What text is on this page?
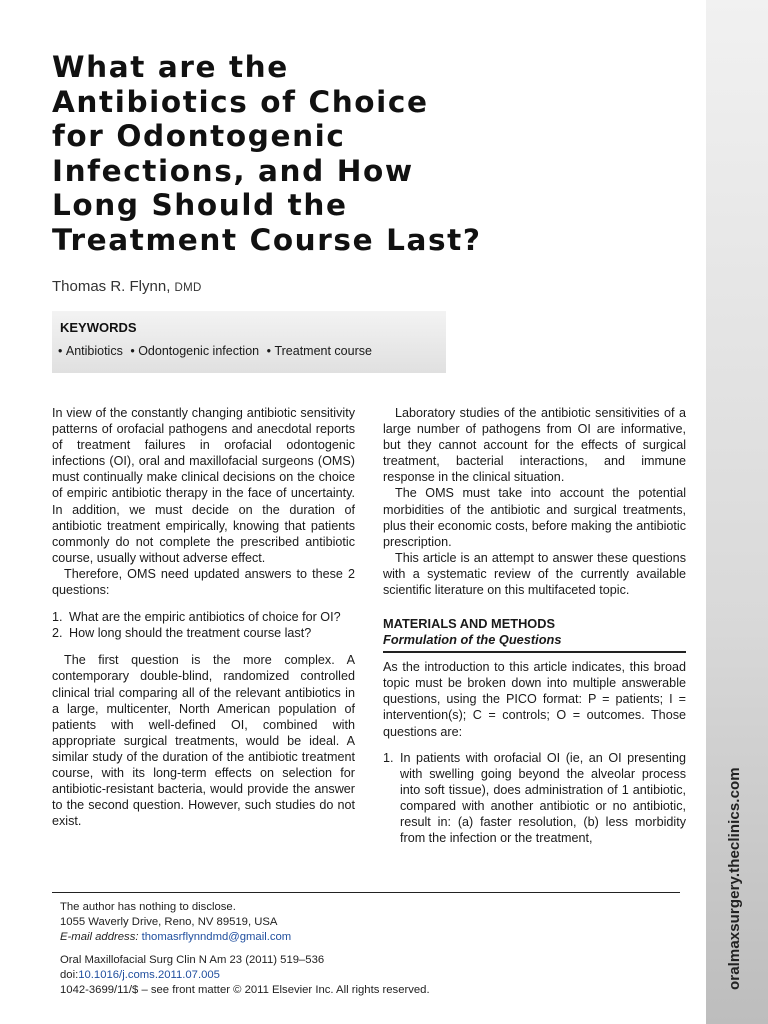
oralmaxsurgery.theclinics.com
What are the
Antibiotics of Choice
for Odontogenic
Infections, and How
Long Should the
Treatment Course Last?
Thomas R. Flynn, DMD

KEYWORDS

• Antibiotics • Odontogenic infection • Treatment course

In view of the constantly changing antibiotic sensitivity patterns of orofacial pathogens and anecdotal reports of treatment failures in orofacial odontogenic infections (OI), oral and maxillofacial surgeons (OMS) must continually make clinical decisions on the choice of empiric antibiotic therapy in the face of uncertainty. In addition, we must decide on the duration of antibiotic treatment empirically, knowing that patients commonly do not complete the prescribed antibiotic course, usually without adverse effect.

Therefore, OMS need updated answers to these 2 questions:

1. What are the empiric antibiotics of choice for OI?
2. How long should the treatment course last?

The first question is the more complex. A contemporary double-blind, randomized controlled clinical trial comparing all of the relevant antibiotics in a large, multicenter, North American population of patients with well-defined OI, combined with appropriate surgical treatments, would be ideal. A similar study of the duration of the antibiotic treatment course, with its long-term effects on selection for antibiotic-resistant bacteria, would provide the answer to the second question. However, such studies do not exist.

Laboratory studies of the antibiotic sensitivities of a large number of pathogens from OI are informative, but they cannot account for the effects of surgical treatment, bacterial interactions, and immune response in the clinical situation.

The OMS must take into account the potential morbidities of the antibiotic and surgical treatments, plus their economic costs, before making the antibiotic prescription.

This article is an attempt to answer these questions with a systematic review of the currently available scientific literature on this multifaceted topic.

MATERIALS AND METHODS

Formulation of the Questions

As the introduction to this article indicates, this broad topic must be broken down into multiple answerable questions, using the PICO format: P = patients; I = intervention(s); C = controls; O = outcomes. Those questions are:

1. In patients with orofacial OI (ie, an OI presenting with swelling going beyond the alveolar process into soft tissue), does administration of 1 antibiotic, compared with another antibiotic or no antibiotic, result in: (a) faster resolution, (b) less morbidity from the infection or the treatment,
The author has nothing to disclose.
1055 Waverly Drive, Reno, NV 89519, USA
E-mail address: thomasrflynndmd@gmail.com
Oral Maxillofacial Surg Clin N Am 23 (2011) 519–536
doi:10.1016/j.coms.2011.07.005
1042-3699/11/$ – see front matter © 2011 Elsevier Inc. All rights reserved.
